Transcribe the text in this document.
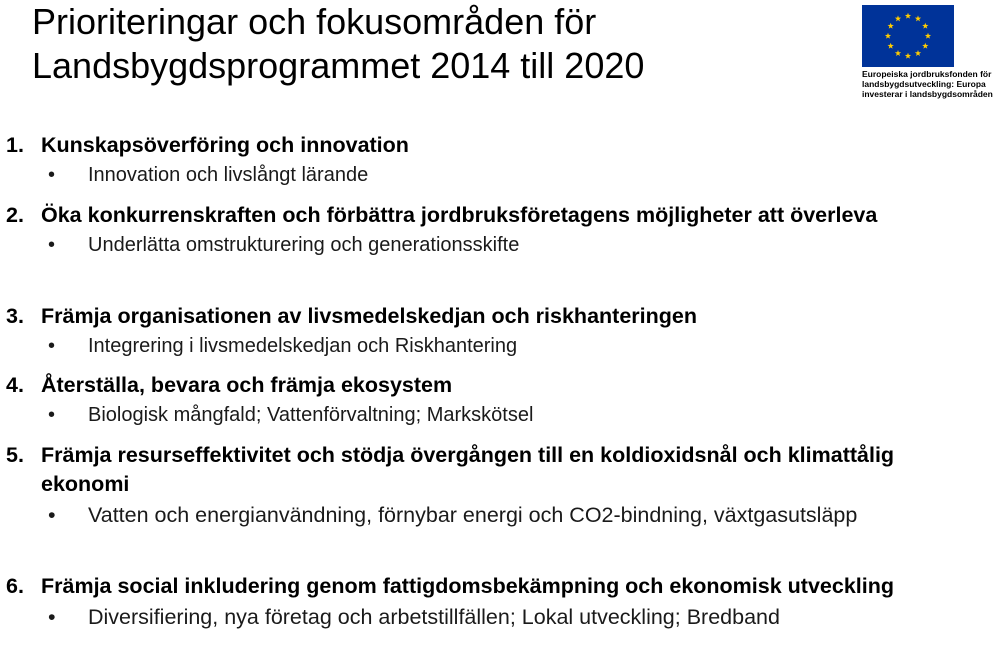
Prioriteringar och fokusområden för
Landsbygdsprogrammet 2014 till 2020	Europeiska jordbruksfonden för
landsbygdsutveckling: Europa
investerar i landsbygdsområden
1. Kunskapsöverföring och innovation
•	Innovation och livslångt lärande
2. Öka konkurrenskraften och förbättra jordbruksföretagens möjligheter att överleva
•	Underlätta omstrukturering och generationsskifte
3. Främja organisationen av livsmedelskedjan och riskhanteringen
•	Integrering i livsmedelskedjan och Riskhantering
4. Återställa, bevara och främja ekosystem
•	Biologisk mångfald; Vattenförvaltning; Markskötsel
5. Främja resurseffektivitet och stödja övergången till en koldioxidsnål och klimattålig ekonomi
•	Vatten och energianvändning, förnybar energi och CO2-bindning, växtgasutsläpp
6. Främja social inkludering genom fattigdomsbekämpning och ekonomisk utveckling
•	Diversifiering, nya företag och arbetstillfällen; Lokal utveckling; Bredband
